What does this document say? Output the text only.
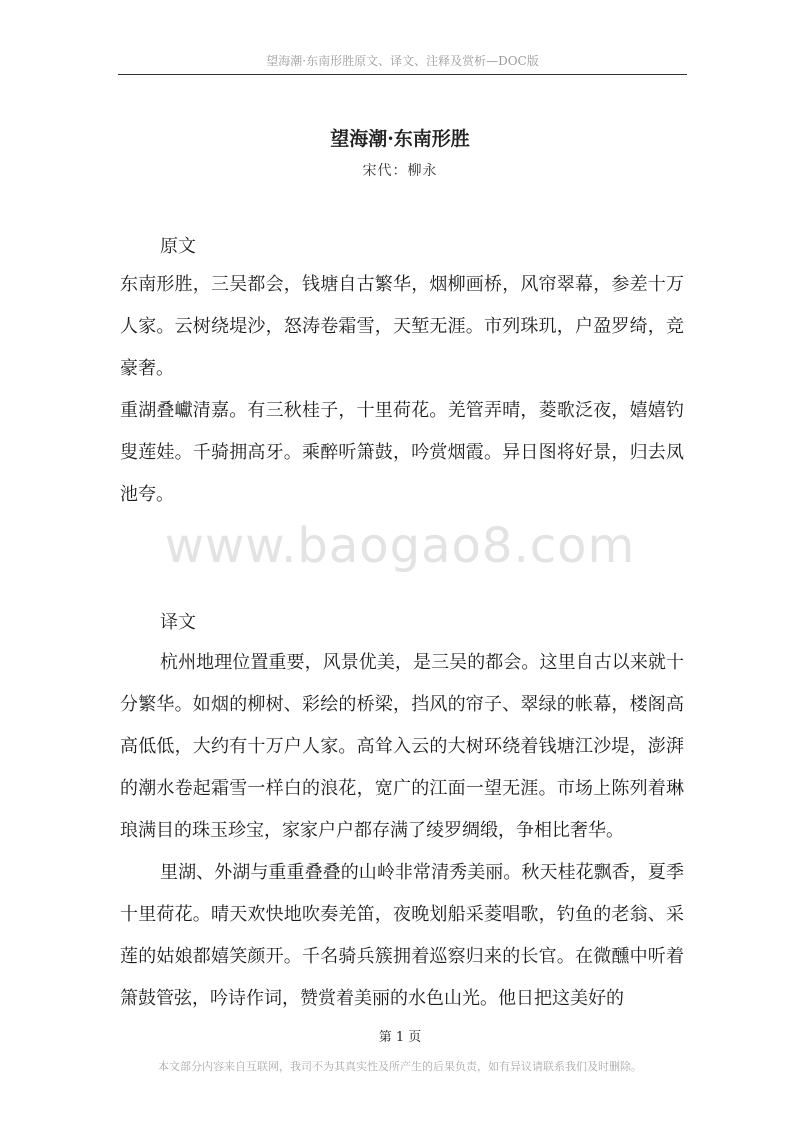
望海潮·东南形胜原文、译文、注释及赏析—DOC版
望海潮·东南形胜
宋代：柳永
原文

东南形胜，三吴都会，钱塘自古繁华，烟柳画桥，风帘翠幕，参差十万人家。云树绕堤沙，怒涛卷霜雪，天堑无涯。市列珠玑，户盈罗绮，竞豪奢。

重湖叠巘清嘉。有三秋桂子，十里荷花。羌管弄晴，菱歌泛夜，嬉嬉钓叟莲娃。千骑拥高牙。乘醉听箫鼓，吟赏烟霞。异日图将好景，归去凤池夸。

www.baogao8.com
译文

杭州地理位置重要，风景优美，是三吴的都会。这里自古以来就十分繁华。如烟的柳树、彩绘的桥梁，挡风的帘子、翠绿的帐幕，楼阁高高低低，大约有十万户人家。高耸入云的大树环绕着钱塘江沙堤，澎湃的潮水卷起霜雪一样白的浪花，宽广的江面一望无涯。市场上陈列着琳琅满目的珠玉珍宝，家家户户都存满了绫罗绸缎，争相比奢华。

里湖、外湖与重重叠叠的山岭非常清秀美丽。秋天桂花飘香，夏季十里荷花。晴天欢快地吹奏羌笛，夜晚划船采菱唱歌，钓鱼的老翁、采莲的姑娘都嬉笑颜开。千名骑兵簇拥着巡察归来的长官。在微醺中听着箫鼓管弦，吟诗作词，赞赏着美丽的水色山光。他日把这美好的

第 1 页
本文部分内容来自互联网，我司不为其真实性及所产生的后果负责，如有异议请联系我们及时删除。
